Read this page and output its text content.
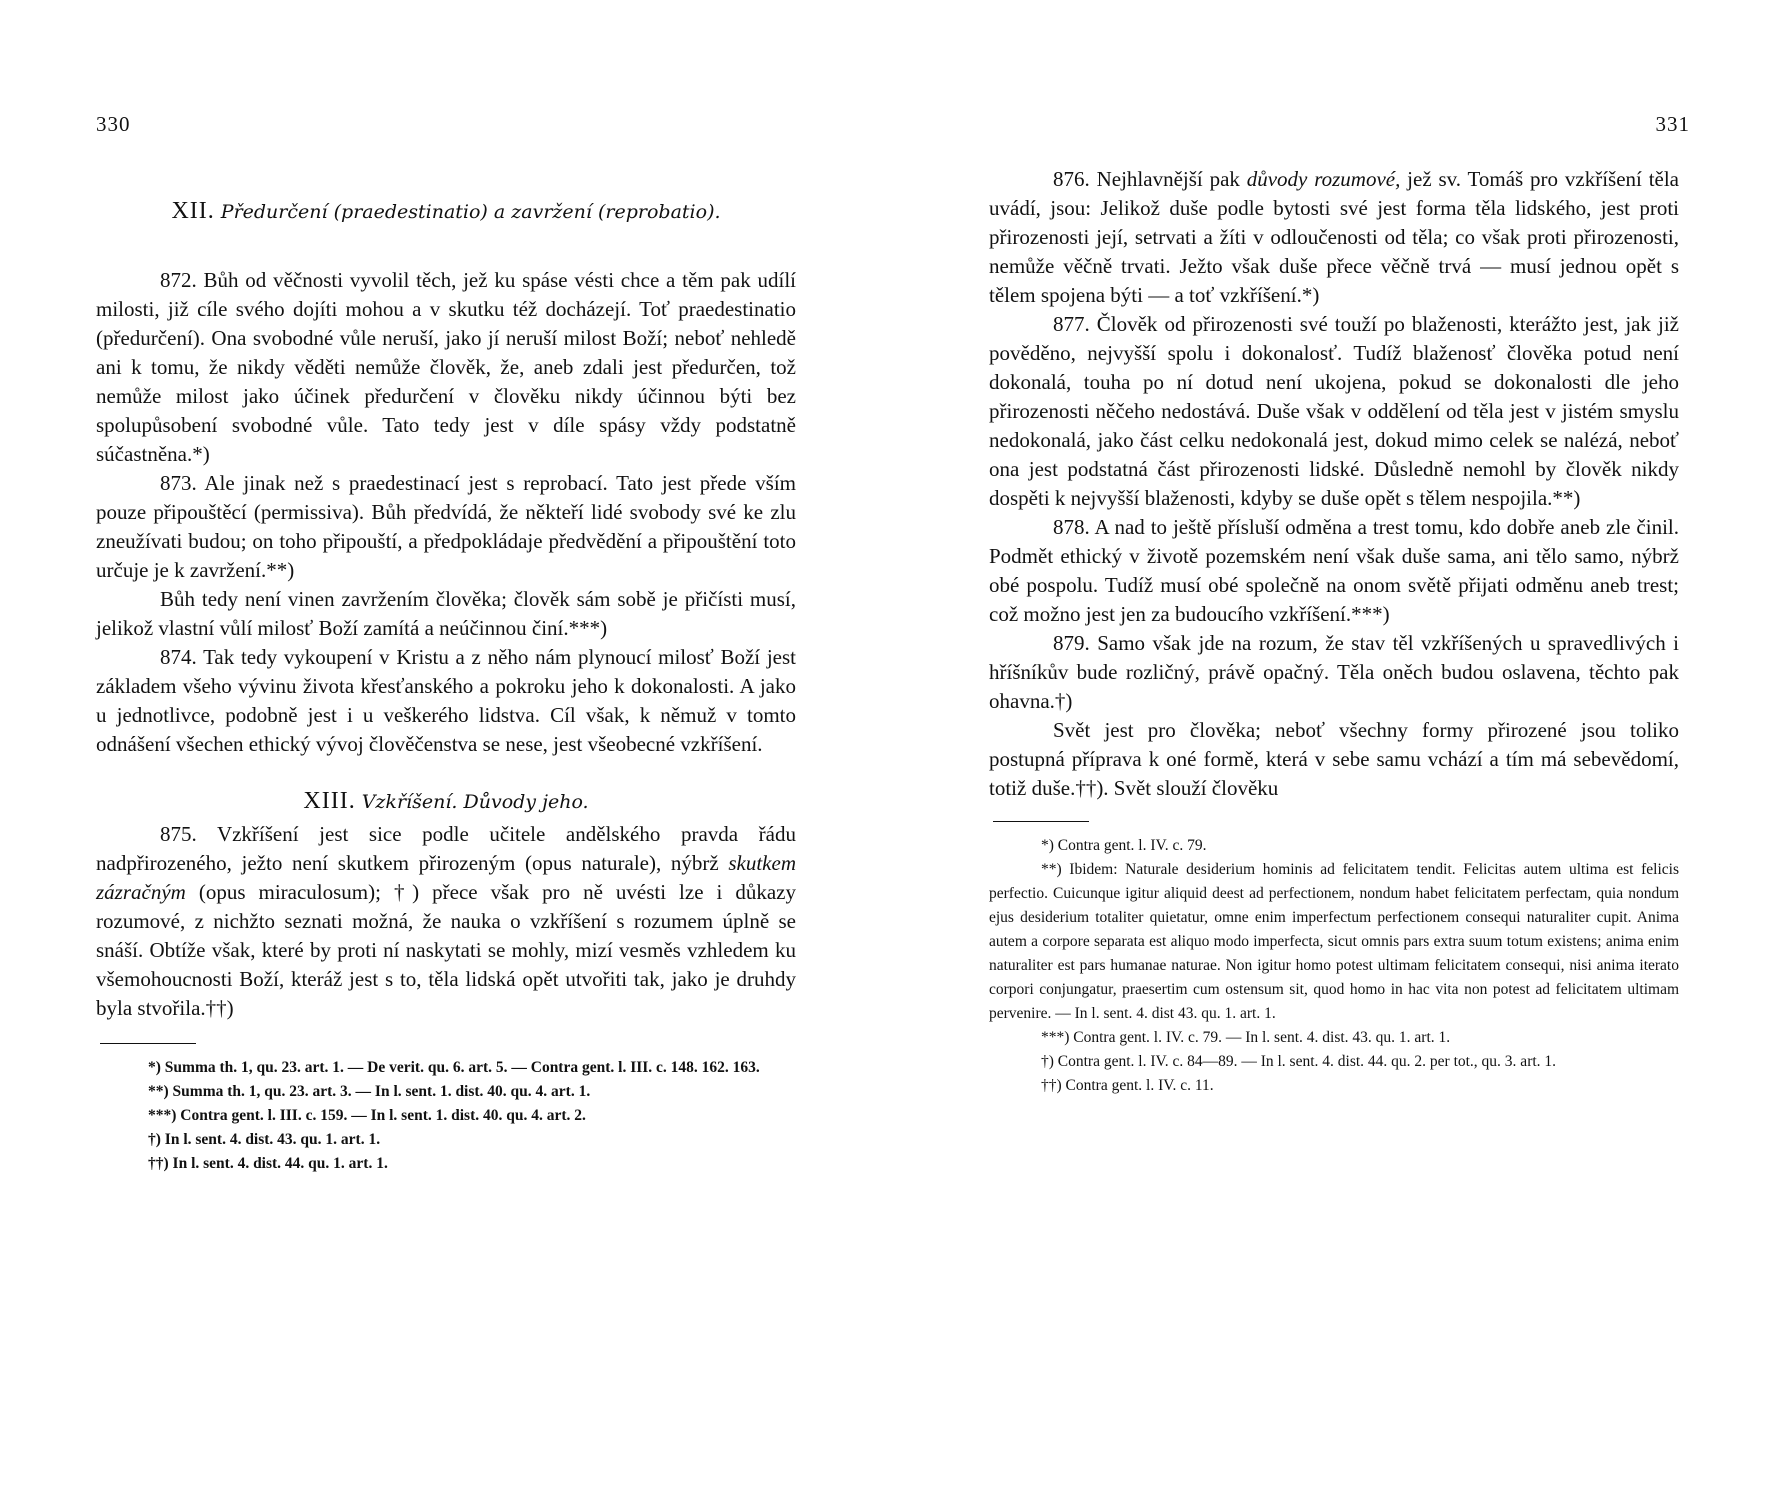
330
XII. Předurčení (praedestinatio) a zavržení (reprobatio).

872. Bůh od věčnosti vyvolil těch, jež ku spáse vésti chce a těm pak udílí milosti, již cíle svého dojíti mohou a v skutku též docházejí. Toť praedestinatio (předurčení). Ona svobodné vůle neruší, jako jí neruší milost Boží; neboť nehledě ani k tomu, že nikdy věděti nemůže člověk, že, aneb zdali jest předurčen, tož nemůže milost jako účinek předurčení v člověku nikdy účinnou býti bez spolupůsobení svobodné vůle. Tato tedy jest v díle spásy vždy podstatně súčastněna.*)

873. Ale jinak než s praedestinací jest s reprobací. Tato jest přede vším pouze připouštěcí (permissiva). Bůh předvídá, že někteří lidé svobody své ke zlu zneužívati budou; on toho připouští, a předpokládaje předvědění a připouštění toto určuje je k zavržení.**)

Bůh tedy není vinen zavržením člověka; člověk sám sobě je přičísti musí, jelikož vlastní vůlí milosť Boží zamítá a neúčinnou činí.***)

874. Tak tedy vykoupení v Kristu a z něho nám plynoucí milosť Boží jest základem všeho vývinu života křesťanského a pokroku jeho k dokonalosti. A jako u jednotlivce, podobně jest i u veškerého lidstva. Cíl však, k němuž v tomto odnášení všechen ethický vývoj člověčenstva se nese, jest všeobecné vzkříšení.

XIII. Vzkříšení. Důvody jeho.

875. Vzkříšení jest sice podle učitele andělského pravda řádu nadpřirozeného, ježto není skutkem přirozeným (opus naturale), nýbrž skutkem zázračným (opus miraculosum); †) přece však pro ně uvésti lze i důkazy rozumové, z nichžto seznati možná, že nauka o vzkříšení s rozumem úplně se snáší. Obtíže však, které by proti ní naskytati se mohly, mizí vesměs vzhledem ku všemohoucnosti Boží, kteráž jest s to, těla lidská opět utvořiti tak, jako je druhdy byla stvořila.††)

*) Summa th. 1, qu. 23. art. 1. — De verit. qu. 6. art. 5. — Contra gent. l. III. c. 148. 162. 163.
**) Summa th. 1, qu. 23. art. 3. — In l. sent. 1. dist. 40. qu. 4. art. 1.
***) Contra gent. l. III. c. 159. — In l. sent. 1. dist. 40. qu. 4. art. 2.
†) In l. sent. 4. dist. 43. qu. 1. art. 1.
††) In l. sent. 4. dist. 44. qu. 1. art. 1.
331

876. Nejhlavnější pak důvody rozumové, jež sv. Tomáš pro vzkříšení těla uvádí, jsou: Jelikož duše podle bytosti své jest forma těla lidského, jest proti přirozenosti její, setrvati a žíti v odloučenosti od těla; co však proti přirozenosti, nemůže věčně trvati. Ježto však duše přece věčně trvá — musí jednou opět s tělem spojena býti — a toť vzkříšení.*)

877. Člověk od přirozenosti své touží po blaženosti, kterážto jest, jak již pověděno, nejvyšší spolu i dokonalosť. Tudíž blaženosť člověka potud není dokonalá, touha po ní dotud není ukojena, pokud se dokonalosti dle jeho přirozenosti něčeho nedostává. Duše však v oddělení od těla jest v jistém smyslu nedokonalá, jako část celku nedokonalá jest, dokud mimo celek se nalézá, neboť ona jest podstatná část přirozenosti lidské. Důsledně nemohl by člověk nikdy dospěti k nejvyšší blaženosti, kdyby se duše opět s tělem nespojila.**)

878. A nad to ještě přísluší odměna a trest tomu, kdo dobře aneb zle činil. Podmět ethický v životě pozemském není však duše sama, ani tělo samo, nýbrž obé pospolu. Tudíž musí obé společně na onom světě přijati odměnu aneb trest; což možno jest jen za budoucího vzkříšení.***)

879. Samo však jde na rozum, že stav těl vzkříšených u spravedlivých i hříšníkův bude rozličný, právě opačný. Těla oněch budou oslavena, těchto pak ohavna.†)

Svět jest pro člověka; neboť všechny formy přirozené jsou toliko postupná příprava k oné formě, která v sebe samu vchází a tím má sebevědomí, totiž duše.††). Svět slouží člověku

*) Contra gent. l. IV. c. 79.
**) Ibidem: Naturale desiderium hominis ad felicitatem tendit. Felicitas autem ultima est felicis perfectio. Cuicunque igitur aliquid deest ad perfectionem, nondum habet felicitatem perfectam, quia nondum ejus desiderium totaliter quietatur, omne enim imperfectum perfectionem consequi naturaliter cupit. Anima autem a corpore separata est aliquo modo imperfecta, sicut omnis pars extra suum totum existens; anima enim naturaliter est pars humanae naturae. Non igitur homo potest ultimam felicitatem consequi, nisi anima iterato corpori conjungatur, praesertim cum ostensum sit, quod homo in hac vita non potest ad felicitatem ultimam pervenire. — In l. sent. 4. dist 43. qu. 1. art. 1.
***) Contra gent. l. IV. c. 79. — In l. sent. 4. dist. 43. qu. 1. art. 1.
†) Contra gent. l. IV. c. 84—89. — In l. sent. 4. dist. 44. qu. 2. per tot., qu. 3. art. 1.
††) Contra gent. l. IV. c. 11.
